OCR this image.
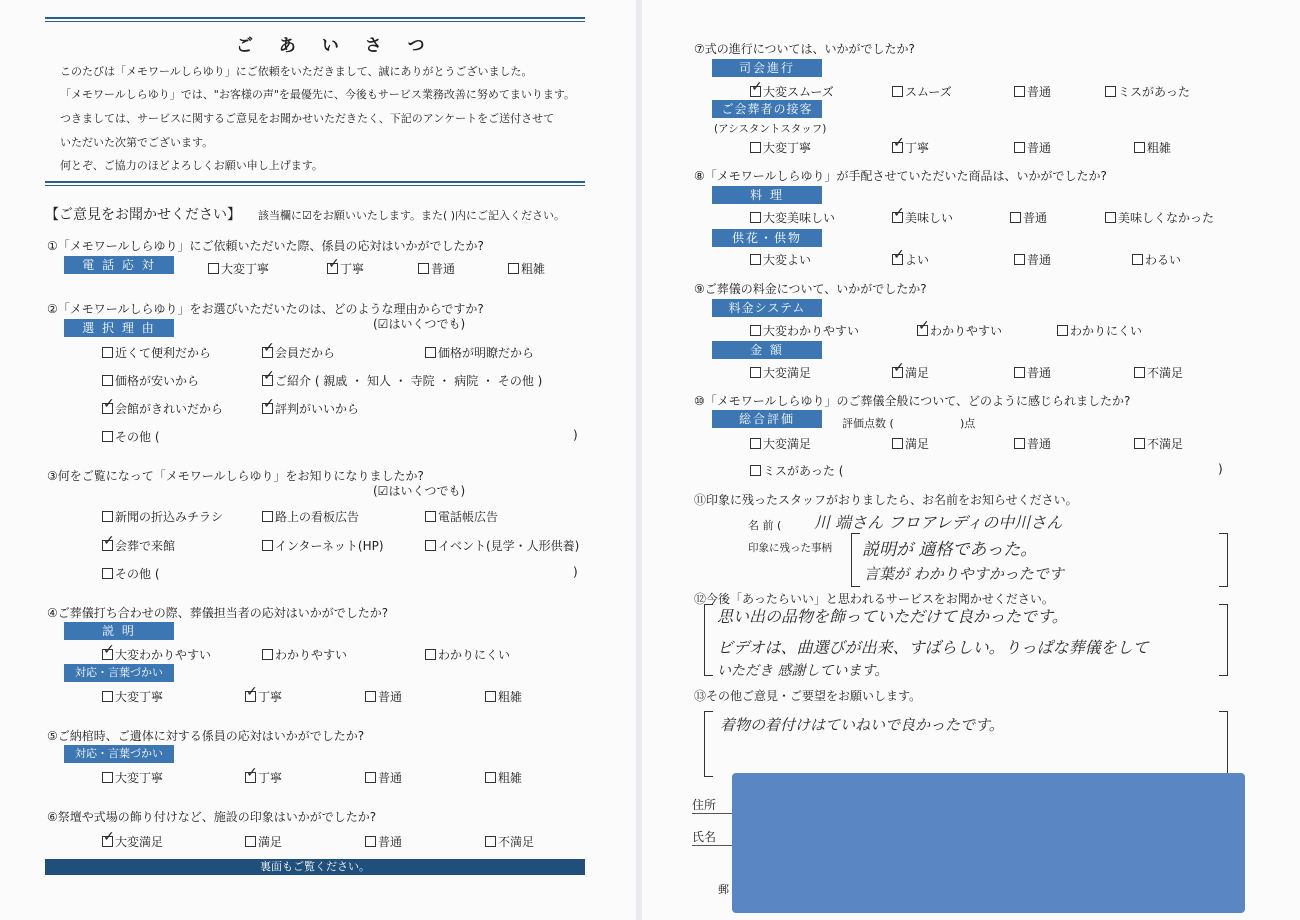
ご あ い さ つ
このたびは「メモワールしらゆり」にご依頼をいただきまして、誠にありがとうございました。
「メモワールしらゆり」では、"お客様の声"を最優先に、今後もサービス業務改善に努めてまいります。
つきましては、サービスに関するご意見をお聞かせいただきたく、下記のアンケートをご送付させて
いただいた次第でございます。
何とぞ、ご協力のほどよろしくお願い申し上げます。
【ご意見をお聞かせください】 該当欄に☑をお願いいたします。また( )内にご記入ください。
①「メモワールしらゆり」にご依頼いただいた際、係員の応対はいかがでしたか?
電 話 応 対	大変丁寧 ✓	丁寧	普通	粗雑
②「メモワールしらゆり」をお選びいただいたのは、どのような理由からですか?
(☑はいくつでも)
選 択 理 由
近くて便利だから ✓	会員だから	価格が明瞭だから
価格が安いから ✓	ご紹介 ( 親戚 ・ 知人 ・ 寺院 ・ 病院 ・ その他 )
✓会館がきれいだから ✓	評判がいいから
その他 (	)
③何をご覧になって「メモワールしらゆり」をお知りになりましたか?
(☑はいくつでも)
新聞の折込みチラシ	路上の看板広告	電話帳広告
✓会葬で来館	インターネット(HP)	イベント(見学・人形供養)
その他 (	)
④ご葬儀打ち合わせの際、葬儀担当者の応対はいかがでしたか?
説 明
✓大変わかりやすい	わかりやすい	わかりにくい
対応・言葉づかい
大変丁寧 ✓	丁寧	普通	粗雑
⑤ご納棺時、ご遺体に対する係員の応対はいかがでしたか?
対応・言葉づかい
大変丁寧 ✓	丁寧	普通	粗雑
⑥祭壇や式場の飾り付けなど、施設の印象はいかがでしたか?
✓大変満足	満足	普通	不満足
裏面もご覧ください。
⑦式の進行については、いかがでしたか?
司会進行
✓大変スムーズ	スムーズ	普通	ミスがあった
ご会葬者の接客
(アシスタントスタッフ)
大変丁寧 ✓	丁寧	普通	粗雑
⑧「メモワールしらゆり」が手配させていただいた商品は、いかがでしたか?
料 理
大変美味しい ✓	美味しい	普通	美味しくなかった
供花・供物
大変よい ✓	よい	普通	わるい
⑨ご葬儀の料金について、いかがでしたか?
料金システム
大変わかりやすい ✓	わかりやすい	わかりにくい
金 額
大変満足 ✓	満足	普通	不満足
⑩「メモワールしらゆり」のご葬儀全般について、どのように感じられましたか?
総合評価	評価点数 (	)点
大変満足	満足	普通	不満足
ミスがあった (	)
⑪印象に残ったスタッフがおりましたら、お名前をお知らせください。
名 前 ( 川 端さん フロアレディの中川さん
印象に残った事柄 説明が 適格であった。
言葉が わかりやすかったです
⑫今後「あったらいい」と思われるサービスをお聞かせください。
思い出の品物を飾っていただけて良かったです。
ビデオは、曲選びが出来、すばらしい。りっぱな葬儀をして
いただき 感謝しています。
⑬その他ご意見・ご要望をお願いします。
着物の着付けはていねいで良かったです。
住所
氏名
郵
